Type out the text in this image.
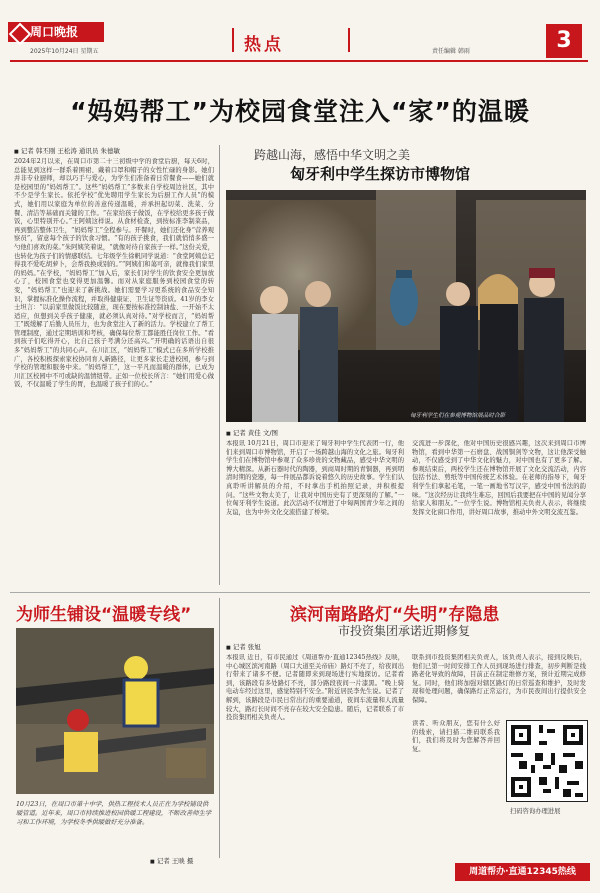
周口晚报
2025年10月24日 星期五	热点	责任编辑 韩雨	3
“妈妈帮工”为校园食堂注入“家”的温暖
■ 记者 韩丕刚 王松涛 通讯员 朱德敏
2024年2月以来，在周口市第二十三初级中学的食堂后厨，每天6时，总能见到这样一群系着围裙、戴着口罩和帽子的女性忙碌的身影。她们并非专业厨师，却以巧手与爱心，为学生们准备着日常餐食——她们就是校园里的“妈妈帮工”。这些“妈妈帮工”多数来自学校周边社区，其中不少是学生家长。依托学校“优先聘用学生家长为后厨工作人员”的模式，她们用以家庭为单位的善意传递温暖，并承担起切菜、洗菜、分餐、清洁等基础而关键的工作。“在家给孩子做饭，在学校给更多孩子做饭，心里特别开心。”王阿姨这样说。从食材检查，到按标准李制菜品，再到整洁整体卫生，“妈妈帮工”全程参与。开餐时，她们还化身“营养观察员”，留意每个孩子的饮食习惯。“有的孩子挑食，我们就悄悄多盛一勺他们喜欢的菜。”朱阿姨笑着说，“就像对待自家孩子一样。”这份关爱，也转化为孩子们的情感联结。七年级学生徐帆同学说道：“食堂阿姨总记得我不爱吃胡萝卜，会帮我换成别的。”“阿姨们和蔼可亲，就像我们家里的妈妈。”在学校，“妈妈帮工”加入后，家长们对学生的饮食安全更加放心了，校园食堂也变得更加温馨。而对从家庭服务到校园食堂的转变，“妈妈帮工”也迎来了新挑战。她们需要学习更系统的食品安全知识，掌握标准化操作流程，并取得健康证、卫生证等资质。41岁的李女士坦言：“以前家里做饭比较随意，现在要按标准控制油盐、一开始不太适应，但想到关乎孩子健康，就必须认真对待。”对学校而言，“妈妈帮工”既缓解了后勤人员压力，也为食堂注入了新的活力。学校建立了帮工管理制度，通过定期培训和考核，确保每位帮工都能胜任岗位工作。“看到孩子们吃得开心，比自己孩子考满分还高兴。”开明确的话语出自很多“妈妈帮工”的共同心声。在川汇区，“妈妈帮工”模式已在多所学校推广，各校积极探索家校协同育人新路径，让更多家长走进校园，参与到学校的管理和服务中来。“妈妈帮工”，这一平凡而温暖的群体，已成为川汇区校园中不可或缺的温情纽带。正如一位校长所言：“她们用爱心做饭，不仅温暖了学生的胃，也温暖了孩子们的心。”
跨越山海，感悟中华文明之美
匈牙利中学生探访市博物馆
匈牙利学生们在参观博物馆展品时合影
■ 记者 黄佳 文/图
本报讯 10月21日，周口市迎来了匈牙利中学生代表团一行，他们来到周口市博物馆，开启了一场跨越山海的文化之旅。匈牙利学生们在博物馆中参观了众多珍贵的文物藏品，感受中华文明的博大精深。从新石器时代的陶器，到商周时期的青铜器，再到明清时期的瓷器，每一件展品都诉说着悠久的历史故事。学生们认真聆听讲解员的介绍，不时拿出手机拍照记录，并积极提问。“这些文物太美了，让我对中国历史有了更深刻的了解。”一位匈牙利学生说道。此次活动不仅增进了中匈两国青少年之间的友谊，也为中外文化交流搭建了桥梁。
交流进一步深化，他对中国历史很感兴趣，这次来到周口市博物馆，看到中华第一石磨盘、战国铜剑等文物，这让他深受触动，不仅感受到了中华文化的魅力，对中国也有了更多了解。参观结束后，两校学生还在博物馆开展了文化交流活动，内容包括书法、剪纸等中国传统艺术体验。在老师的指导下，匈牙利学生们拿起毛笔，一笔一画地书写汉字，感受中国书法的韵味。“这次经历让我终生难忘，回国后我要把在中国的见闻分享给家人和朋友。”一位学生说。博物馆相关负责人表示，将继续发挥文化窗口作用，讲好周口故事，推动中外文明交流互鉴。
为师生铺设“温暖专线”
10月23日，在周口市第十中学，供热工程技术人员正在为学校铺设供暖管道。近年来，周口市持续推进校园供暖工程建设，不断改善师生学习和工作环境，为学校冬季供暖做好充分准备。
■ 记者 王映 摄
滨河南路路灯“失明”存隐患
市投资集团承诺近期修复
■ 记者 张旭
本报讯 近日，有市民通过《周道帮办·直通12345热线》反映，中心城区滨河南路（周口大道至关帝庙）路灯不亮了，给夜间出行带来了诸多不便。记者随即来到现场进行实地探访。记者看到，该路段有多处路灯不亮，部分路段夜间一片漆黑。“晚上骑电动车经过这里，感觉特别不安全。”附近居民李先生说。记者了解到，该路段是市民日常出行的重要通道，夜间车流量和人流量较大，路灯长时间不亮存在较大安全隐患。随后，记者联系了市投资集团相关负责人。
联系到市投资集团相关负责人，该负责人表示，接到反映后，他们已第一时间安排工作人员到现场进行排查，初步判断是线路老化导致的故障，目前正在制定维修方案，预计近期完成修复。同时，他们将加强对辖区路灯的日常巡查和维护，及时发现和处理问题，确保路灯正常运行，为市民夜间出行提供安全保障。
读者、听众朋友，您有什么好的线索，请扫描二维码联系我们，我们将及时为您解答并回复。
扫码咨询办理进展
周道帮办·直通12345热线
